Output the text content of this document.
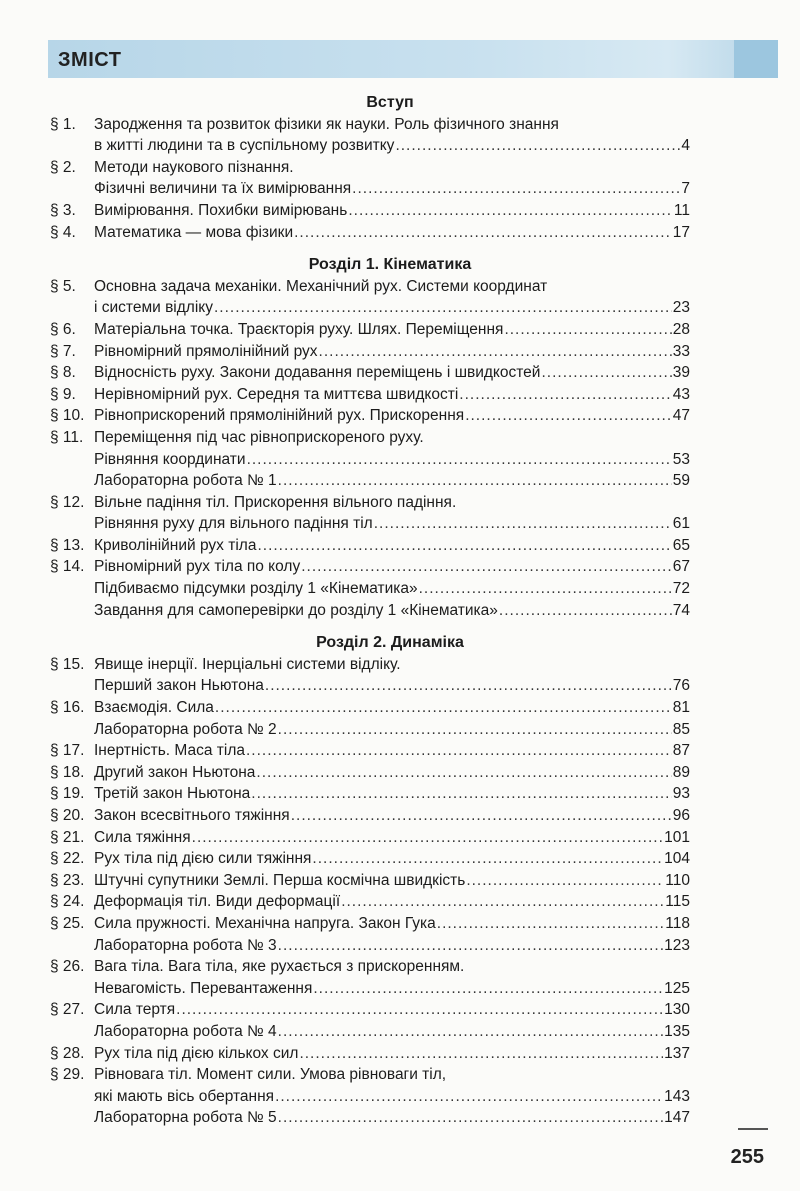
ЗМІСТ
Вступ
§ 1.	Зародження та розвиток фізики як науки. Роль фізичного знання
в житті людини та в суспільному розвитку .....	4
§ 2.	Методи наукового пізнання.
Фізичні величини та їх вимірювання .....	7
§ 3.	Вимірювання. Похибки вимірювань .....	11
§ 4.	Математика — мова фізики .....	17
Розділ 1. Кінематика
§ 5.	Основна задача механіки. Механічний рух. Системи координат
і системи відліку .....	23
§ 6.	Матеріальна точка. Траєкторія руху. Шлях. Переміщення .....	28
§ 7.	Рівномірний прямолінійний рух .....	33
§ 8.	Відносність руху. Закони додавання переміщень і швидкостей .....	39
§ 9.	Нерівномірний рух. Середня та миттєва швидкості .....	43
§ 10. Рівноприскорений прямолінійний рух. Прискорення .....	47
§ 11. Переміщення під час рівноприскореного руху.
Рівняння координати .....	53
Лабораторна робота № 1 .....	59
§ 12. Вільне падіння тіл. Прискорення вільного падіння.
Рівняння руху для вільного падіння тіл .....	61
§ 13. Криволінійний рух тіла .....	65
§ 14. Рівномірний рух тіла по колу .....	67
Підбиваємо підсумки розділу 1 «Кінематика» .....	72
Завдання для самоперевірки до розділу 1 «Кінематика» .....	74
Розділ 2. Динаміка
§ 15. Явище інерції. Інерціальні системи відліку.
Перший закон Ньютона .....	76
§ 16. Взаємодія. Сила .....	81
Лабораторна робота № 2 .....	85
§ 17. Інертність. Маса тіла .....	87
§ 18. Другий закон Ньютона .....	89
§ 19. Третій закон Ньютона .....	93
§ 20. Закон всесвітнього тяжіння .....	96
§ 21. Сила тяжіння .....	101
§ 22. Рух тіла під дією сили тяжіння .....	104
§ 23. Штучні супутники Землі. Перша космічна швидкість .....	110
§ 24. Деформація тіл. Види деформації .....	115
§ 25. Сила пружності. Механічна напруга. Закон Гука .....	118
Лабораторна робота № 3 .....	123
§ 26. Вага тіла. Вага тіла, яке рухається з прискоренням.
Невагомість. Перевантаження .....	125
§ 27. Сила тертя .....	130
Лабораторна робота № 4 .....	135
§ 28. Рух тіла під дією кількох сил .....	137
§ 29. Рівновага тіл. Момент сили. Умова рівноваги тіл,
які мають вісь обертання .....	143
Лабораторна робота № 5 .....	147
255
